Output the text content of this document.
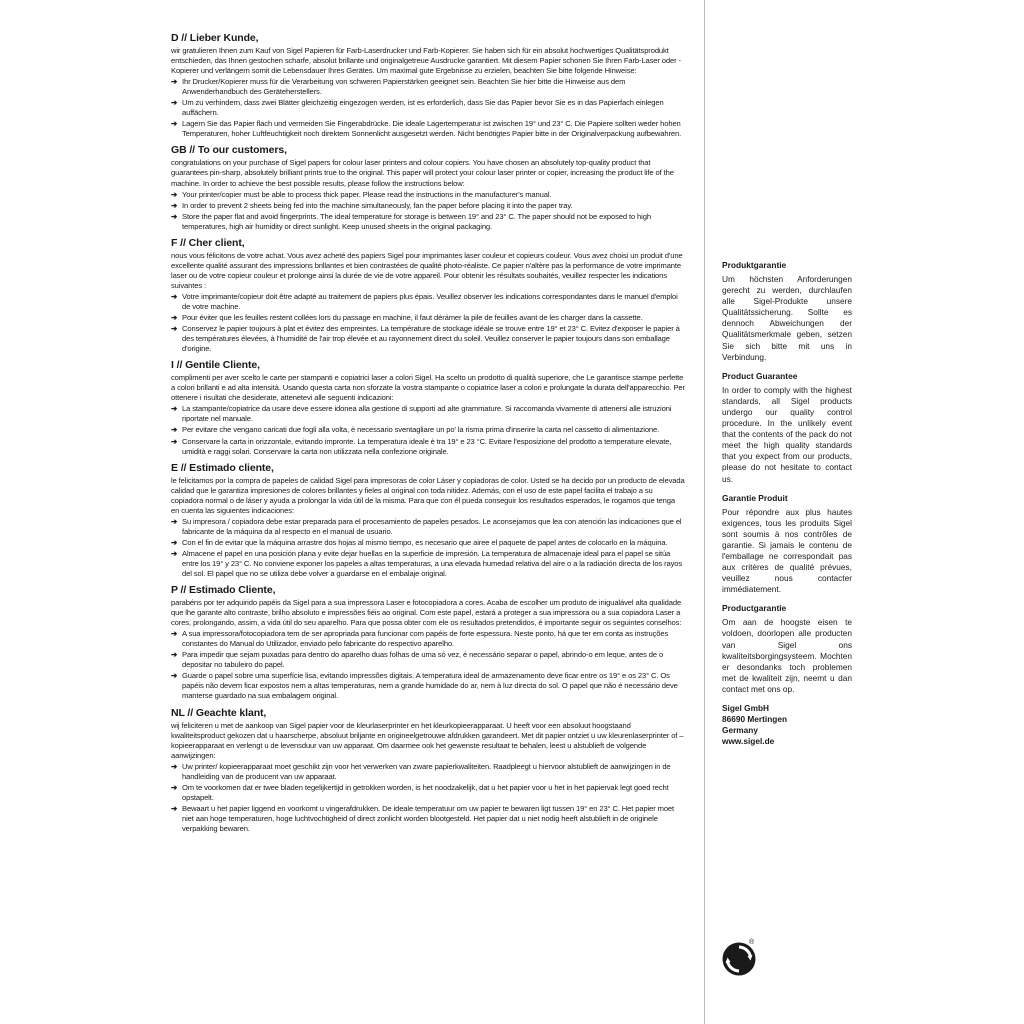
D // Lieber Kunde,

wir gratulieren Ihnen zum Kauf von Sigel Papieren für Farb-Laserdrucker und Farb-Kopierer. Sie haben sich für ein absolut hochwertiges Qualitätsprodukt entschieden, das Ihnen gestochen scharfe, absolut brillante und originalgetreue Ausdrucke garantiert. Mit diesem Papier schonen Sie Ihren Farb-Laser oder -Kopierer und verlängern somit die Lebensdauer Ihres Gerätes. Um maximal gute Ergebnisse zu erzielen, beachten Sie bitte folgende Hinweise:

➔ Ihr Drucker/Kopierer muss für die Verarbeitung von schweren Papierstärken geeignet sein. Beachten Sie hier bitte die Hinweise aus dem Anwenderhandbuch des Geräteherstellers.
➔ Um zu verhindern, dass zwei Blätter gleichzeitig eingezogen werden, ist es erforderlich, dass Sie das Papier bevor Sie es in das Papierfach einlegen auffächern.
➔ Lagern Sie das Papier flach und vermeiden Sie Fingerabdrücke. Die ideale Lagertemperatur ist zwischen 19° und 23° C. Die Papiere sollten weder hohen Temperaturen, hoher Luftfeuchtigkeit noch direktem Sonnenlicht ausgesetzt werden. Nicht benötigtes Papier bitte in der Originalverpackung aufbewahren.
GB // To our customers,

congratulations on your purchase of Sigel papers for colour laser printers and colour copiers. You have chosen an absolutely top-quality product that guarantees pin-sharp, absolutely brilliant prints true to the original. This paper will protect your colour laser printer or copier, increasing the product life of the machine. In order to achieve the best possible results, please follow the instructions below:

➔ Your printer/copier must be able to process thick paper. Please read the instructions in the manufacturer's manual.
➔ In order to prevent 2 sheets being fed into the machine simultaneously, fan the paper before placing it into the paper tray.
➔ Store the paper flat and avoid fingerprints. The ideal temperature for storage is between 19° and 23° C. The paper should not be exposed to high temperatures, high air humidity or direct sunlight. Keep unused sheets in the original packaging.
F // Cher client,

nous vous félicitons de votre achat. Vous avez acheté des papiers Sigel pour imprimantes laser couleur et copieurs couleur. Vous avez choisi un produit d'une excellente qualité assurant des impressions brillantes et bien contrastées de qualité photo-réaliste. Ce papier n'altère pas la performance de votre imprimante laser ou de votre copieur couleur et prolonge ainsi la durée de vie de votre appareil. Pour obtenir les résultats souhaités, veuillez respecter les indications suivantes :

➔ Votre imprimante/copieur doit être adapté au traitement de papiers plus épais. Veuillez observer les indications correspondantes dans le manuel d'emploi de votre machine.
➔ Pour éviter que les feuilles restent collées lors du passage en machine, il faut dérámer la pile de feuilles avant de les charger dans la cassette.
➔ Conservez le papier toujours à plat et évitez des empreintes. La température de stockage idéale se trouve entre 19° et 23° C. Evitez d'exposer le papier à des températures élevées, à l'humidité de l'air trop élevée et au rayonnement direct du soleil. Veuillez conserver le papier toujours dans son emballage d'origine.
I // Gentile Cliente,

complimenti per aver scelto le carte per stampanti e copiatrici laser a colori Sigel. Ha scelto un prodotto di qualità superiore, che Le garantisce stampe perfette a colori brillanti e ad alta intensità. Usando questa carta non sforzate la vostra stampante o copiatrice laser a colori e prolungate la durata dell'apparecchio. Per ottenere i risultati che desiderate, attenetevi alle seguenti indicazioni:

➔ La stampante/copiatrice da usare deve essere idonea alla gestione di supporti ad alte grammature. Si raccomanda vivamente di attenersi alle istruzioni riportate nel manuale.
➔ Per evitare che vengano caricati due fogli alla volta, è necessario sventagliare un po' la risma prima d'inserire la carta nel cassetto di alimentazione.
➔ Conservare la carta in orizzontale, evitando impronte. La temperatura ideale è tra 19° e 23 °C. Evitare l'esposizione del prodotto a temperature elevate, umidità e raggi solari. Conservare la carta non utilizzata nella confezione originale.
E // Estimado cliente,

le felicitamos por la compra de papeles de calidad Sigel para impresoras de color Láser y copiadoras de color. Usted se ha decido por un producto de elevada calidad que le garantiza impresiones de colores brillantes y fieles al original con toda nitidez. Además, con el uso de este papel facilita el trabajo a su copiadora normal o de láser y ayuda a prolongar la vida útil de la misma. Para que con él pueda conseguir los resultados esperados, le rogamos que tenga en cuenta las siguientes indicaciones:

➔ Su impresora / copiadora debe estar preparada para el procesamiento de papeles pesados. Le aconsejamos que lea con atención las indicaciones que el fabricante de la máquina da al respecto en el manual de usuario.
➔ Con el fin de evitar que la máquina arrastre dos hojas al mismo tiempo, es necesario que airee el paquete de papel antes de colocarlo en la máquina.
➔ Almacene el papel en una posición plana y evite dejar huellas en la superficie de impresión. La temperatura de almacenaje ideal para el papel se sitúa entre los 19° y 23° C. No conviene exponer los papeles a altas temperaturas, a una elevada humedad relativa del aire o a la radiación directa de los rayos del sol. El papel que no se utiliza debe volver a guardarse en el embalaje original.
P // Estimado Cliente,

parabéns por ter adquirido papéis da Sigel para a sua impressora Laser e fotocopiadora a cores. Acaba de escolher um produto de inigualável alta qualidade que lhe garante alto contraste, brilho absoluto e impressões fiéis ao original. Com este papel, estará a proteger a sua impressora ou a sua copiadora Laser a cores, prolongando, assim, a vida útil do seu aparelho. Para que possa obter com ele os resultados pretendidos, é importante seguir os seguintes conselhos:

➔ A sua impressora/fotocopiadora tem de ser apropriada para funcionar com papéis de forte espessura. Neste ponto, há que ter em conta as instruções constantes do Manual do Utilizador, enviado pelo fabricante do respectivo aparelho.
➔ Para impedir que sejam puxadas para dentro do aparelho duas folhas de uma só vez, é necessário separar o papel, abrindo-o em leque, antes de o depositar no tabuleiro do papel.
➔ Guarde o papel sobre uma superfície lisa, evitando impressões digitais. A temperatura ideal de armazenamento deve ficar entre os 19° e os 23° C. Os papéis não devem ficar expostos nem a altas temperaturas, nem a grande humidade do ar, nem à luz directa do sol. O papel que não é necessário deve manterse guardado na sua embalagem original.
NL // Geachte klant,

wij feliciteren u met de aankoop van Sigel papier voor de kleurlaserprinter en het kleurkopieerapparaat. U heeft voor een absoluut hoogstaand kwaliteitsproduct gekozen dat u haarscherpe, absoluut briljante en origineelgetrouwe afdrukken garandeert. Met dit papier ontziet u uw kleurenlaserprinter of –kopieerapparaat en verlengt u de levensduur van uw apparaat. Om daarmee ook het gewenste resultaat te behalen, leest u alstublieft de volgende aanwijzingen:

➔ Uw printer/ kopieerapparaat moet geschikt zijn voor het verwerken van zware papierkwaliteiten. Raadpleegt u hiervoor alstublieft de aanwijzingen in de handleiding van de producent van uw apparaat.
➔ Om te voorkomen dat er twee bladen tegelijkertijd in getrokken worden, is het noodzakelijk, dat u het papier voor u het in het papiervak legt goed recht opstapelt.
➔ Bewaart u het papier liggend en voorkomt u vingerafdrukken. De ideale temperatuur om uw papier te bewaren ligt tussen 19° en 23° C. Het papier moet niet aan hoge temperaturen, hoge luchtvochtigheid of direct zonlicht worden blootgesteld. Het papier dat u niet nodig heeft alstublieft in de originele verpakking bewaren.
Produktgarantie

Um höchsten Anforderungen gerecht zu werden, durchlaufen alle Sigel-Produkte unsere Qualitätssicherung. Sollte es dennoch Abweichungen der Qualitätsmerkmale geben, setzen Sie sich bitte mit uns in Verbindung.

Product Guarantee

In order to comply with the highest standards, all Sigel products undergo our quality control procedure. In the unlikely event that the contents of the pack do not meet the high quality standards that you expect from our products, please do not hesitate to contact us.

Garantie Produit

Pour répondre aux plus hautes exigences, tous les produits Sigel sont soumis à nos contrôles de garantie. Si jamais le contenu de l'emballage ne correspondait pas aux critères de qualité prévues, veuillez nous contacter immédiatement.

Productgarantie

Om aan de hoogste eisen te voldoen, doorlopen alle producten van Sigel ons kwaliteitsborgingsysteem. Mochten er desondanks toch problemen met de kwaliteit zijn, neemt u dan contact met ons op.

Sigel GmbH
86690 Mertingen
Germany
www.sigel.de
®
